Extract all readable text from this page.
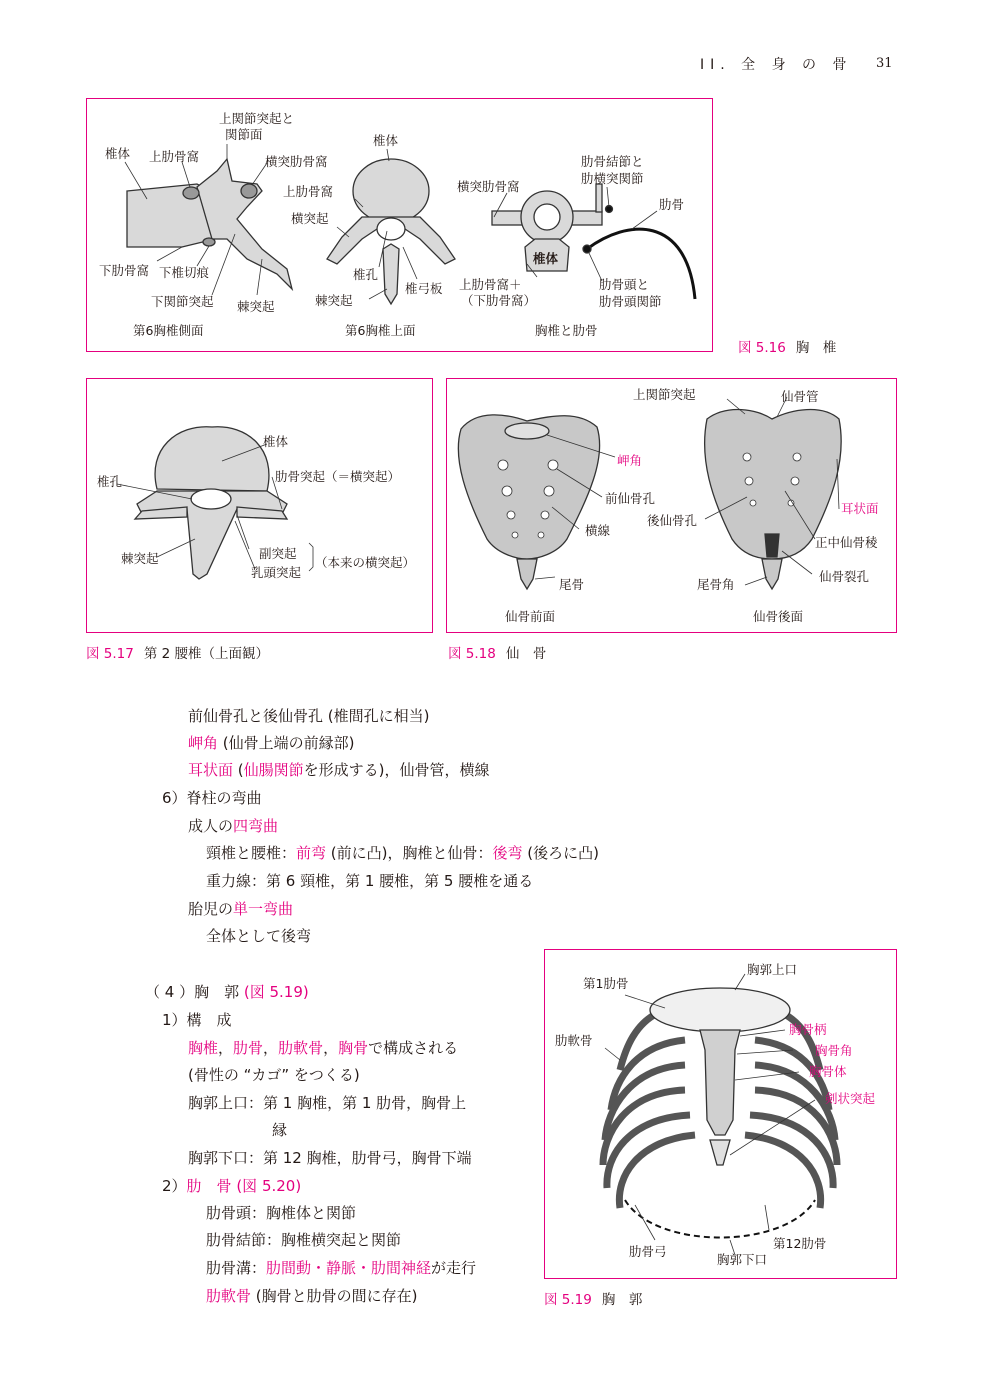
II. 全 身 の 骨 31
椎体 上肋骨窩
上関節突起と
関節面
横突肋骨窩
下肋骨窩 下椎切痕
下関節突起 棘突起
第6胸椎側面
椎体
上肋骨窩
横突起
椎孔
棘突起
椎弓板
第6胸椎上面
横突肋骨窩
肋骨結節と
肋横突関節
肋骨
椎体
上肋骨窩＋
（下肋骨窩）
肋骨頭と
肋骨頭関節
胸椎と肋骨
図 5.16 胸　椎
椎体
椎孔	肋骨突起（＝横突起）
棘突起	副突起
乳頭突起
（本来の横突起）
図 5.17 第 2 腰椎（上面観）
上関節突起	仙骨管
岬角
前仙骨孔
横線
尾骨
仙骨前面
後仙骨孔
耳状面
正中仙骨稜
尾骨角
仙骨裂孔
仙骨後面
図 5.18 仙　骨
胸郭上口
第1肋骨
肋軟骨
胸骨柄
胸骨角
胸骨体
剣状突起
第12肋骨
肋骨弓
胸郭下口
図 5.19 胸　郭
前仙骨孔と後仙骨孔 (椎間孔に相当)
岬角 (仙骨上端の前縁部)
耳状面 (仙腸関節を形成する)，仙骨管，横線
6）脊柱の弯曲
成人の四弯曲
頸椎と腰椎：前弯 (前に凸)，胸椎と仙骨：後弯 (後ろに凸)
重力線：第 6 頸椎，第 1 腰椎，第 5 腰椎を通る
胎児の単一弯曲
全体として後弯
（ 4 ）胸　郭 (図 5.19)
1）構　成
胸椎，肋骨，肋軟骨，胸骨で構成される
(骨性の “カゴ” をつくる)
胸郭上口：第 1 胸椎，第 1 肋骨，胸骨上
縁
胸郭下口：第 12 胸椎，肋骨弓，胸骨下端
2）肋　骨 (図 5.20)
肋骨頭：胸椎体と関節
肋骨結節：胸椎横突起と関節
肋骨溝：肋間動・静脈・肋間神経が走行
肋軟骨 (胸骨と肋骨の間に存在)
